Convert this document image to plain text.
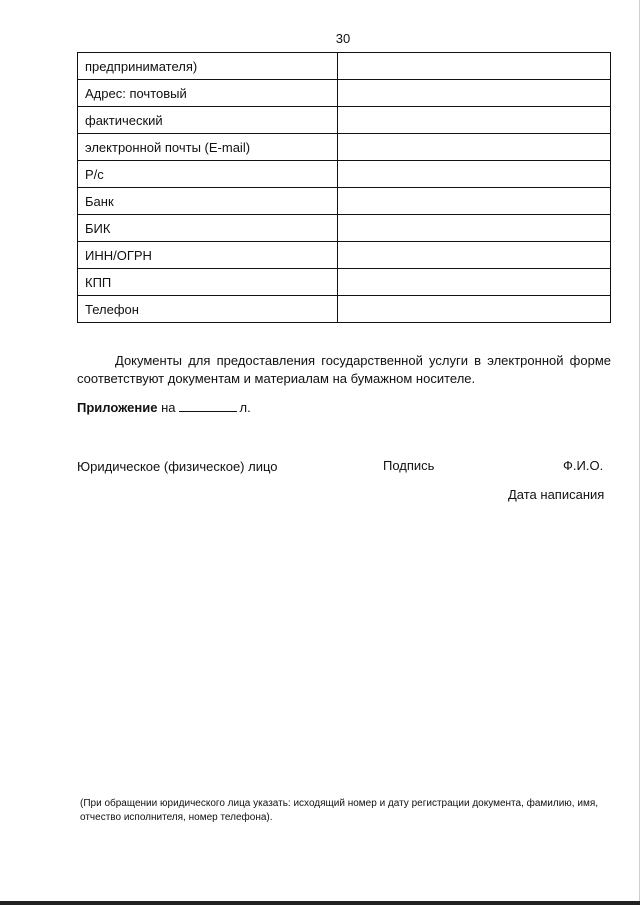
30
предпринимателя)	
Адрес: почтовый	
фактический	
электронной почты (E-mail)	
Р/с	
Банк	
БИК	
ИНН/ОГРН	
КПП	
Телефон	
Документы для предоставления государственной услуги в электронной форме соответствуют документам и материалам на бумажном носителе.
Приложение на	л.
Юридическое (физическое) лицо	Подпись	Ф.И.О.
Дата написания
(При обращении юридического лица указать: исходящий номер и дату регистрации документа, фамилию, имя, отчество исполнителя, номер телефона).
